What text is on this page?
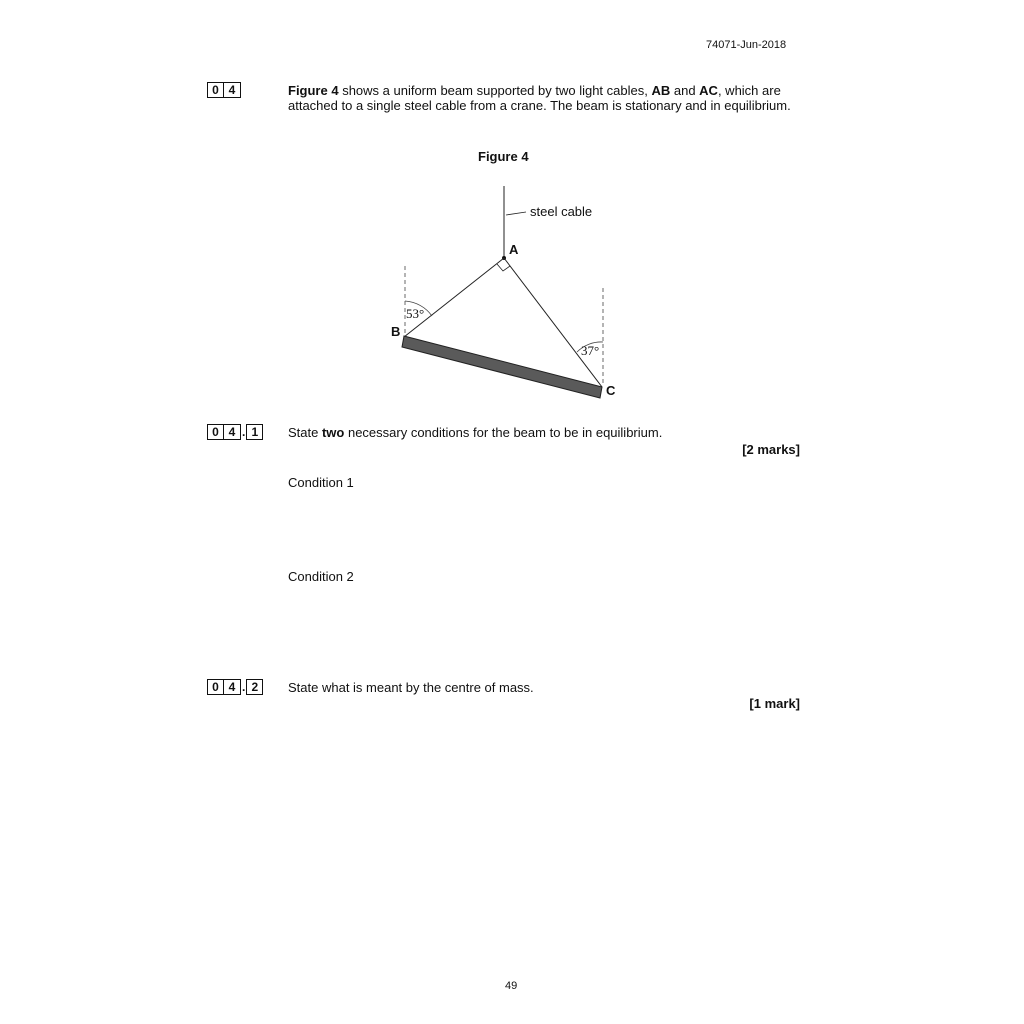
74071-Jun-2018
0 4	Figure 4 shows a uniform beam supported by two light cables, AB and AC, which are attached to a single steel cable from a crane. The beam is stationary and in equilibrium.
Figure 4
steel cable
A
53°
37°
B
C
0 4 . 1	State two necessary conditions for the beam to be in equilibrium.
[2 marks]
Condition 1
Condition 2
0 4 . 2	State what is meant by the centre of mass.
[1 mark]
49
